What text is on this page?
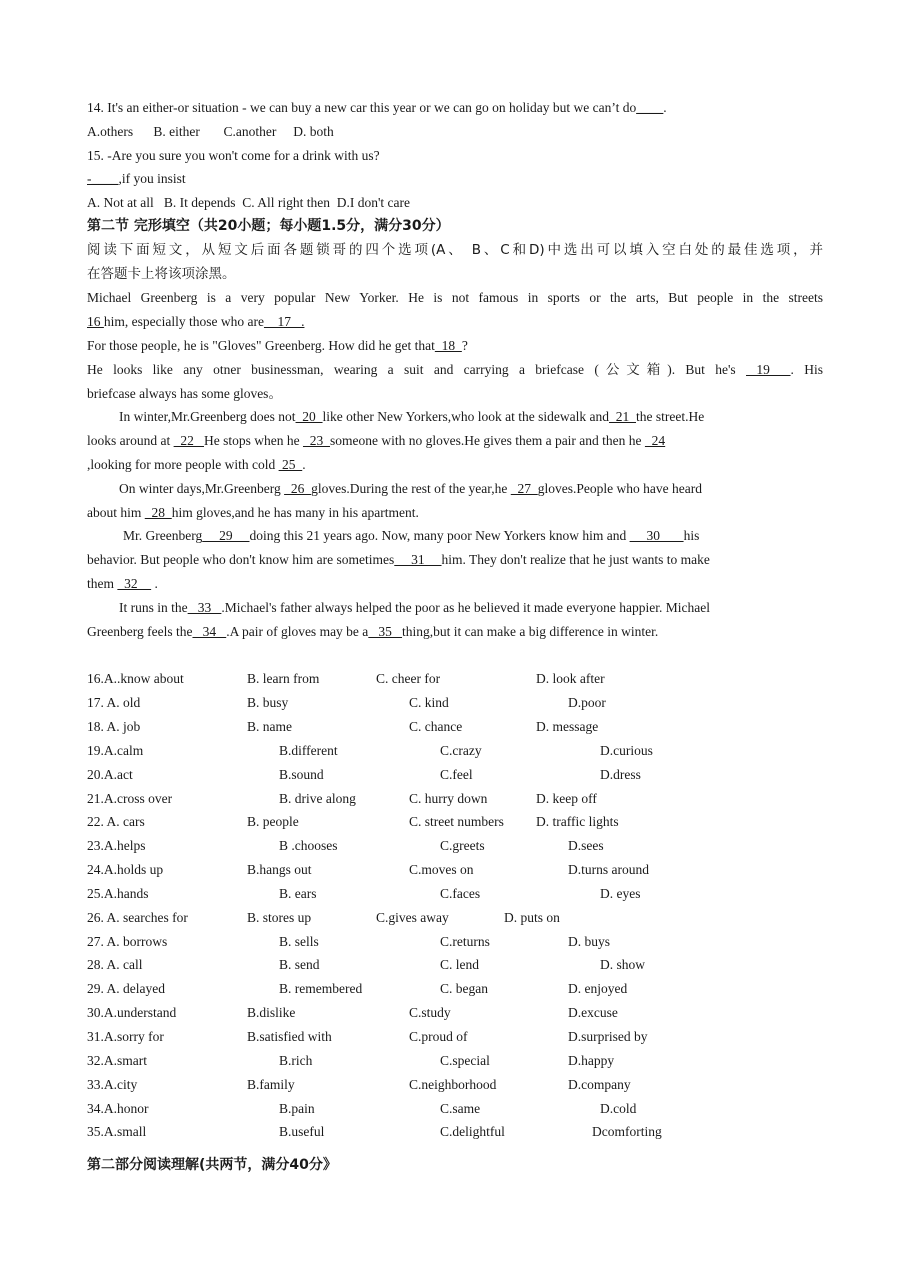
14. It's an either-or situation - we can buy a new car this year or we can go on holiday but we can’t do____.
A.others      B. either       C.another     D. both
15. -Are you sure you won't come for a drink with us?
-____,if you insist
A. Not at all   B. It depends  C. All right then  D.I don't care
第二节 完形填空（共20小题；每小题1.5分，满分30分）
阅读下面短文，从短文后面各题锁哥的四个选项(A、 B、C和D)中选出可以填入空白处的最佳选项，并
在答题卡上将该项涂黑。
Michael Greenberg is a very popular New Yorker. He is not famous in sports or the arts, But people in the streets
16 him, especially those who are    17   .
For those people, he is "Gloves" Greenberg. How did he get that  18  ?
He looks like any otner businessman, wearing a suit and carrying a briefcase (公文箱). But he's  19  . His
briefcase always has some gloves。
In winter,Mr.Greenberg does not  20  like other New Yorkers,who look at the sidewalk and  21  the street.He
looks around at   22   He stops when he   23  someone with no gloves.He gives them a pair and then he   24
,looking for more people with cold  25  .
On winter days,Mr.Greenberg   26  gloves.During the rest of the year,he   27  gloves.People who have heard
about him   28  him gloves,and he has many in his apartment.
Mr. Greenberg     29     doing this 21 years ago. Now, many poor New Yorkers know him and      30       his
behavior. But people who don't know him are sometimes     31     him. They don't realize that he just wants to make
them   32     .
It runs in the   33   .Michael's father always helped the poor as he believed it made everyone happier. Michael
Greenberg feels the   34   .A pair of gloves may be a   35   thing,but it can make a big difference in winter.
16.A..know about	B. learn from	C. cheer for	D. look after
17. A. old	B. busy	C. kind	D.poor
18. A. job	B. name	C. chance	D. message
19.A.calm	B.different	C.crazy	D.curious
20.A.act	B.sound	C.feel	D.dress
21.A.cross over	B. drive along	C. hurry down	D. keep off
22. A. cars	B. people	C. street numbers D. traffic lights
23.A.helps	B .chooses	C.greets	D.sees
24.A.holds up	B.hangs out	C.moves on	D.turns around
25.A.hands	B. ears	C.faces	D. eyes
26. A. searches for	B. stores up	C.gives away	D. puts on
27. A. borrows	B. sells	C.returns	D. buys
28. A. call	B. send	C. lend	D. show
29. A. delayed	B. remembered	C. began	D. enjoyed
30.A.understand	B.dislike	C.study	D.excuse
31.A.sorry for	B.satisfied with	C.proud of	D.surprised by
32.A.smart	B.rich	C.special	D.happy
33.A.city	B.family	C.neighborhood	D.company
34.A.honor	B.pain	C.same	D.cold
35.A.small	B.useful	C.delightful	Dcomforting
第二部分阅读理解(共两节，满分40分》
